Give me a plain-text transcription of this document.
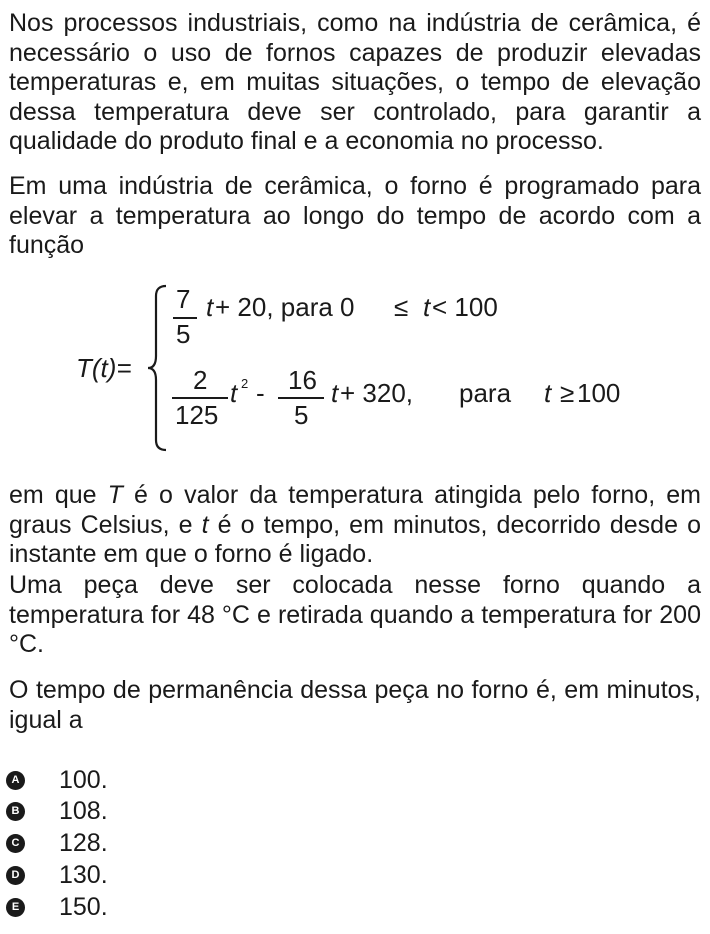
Nos processos industriais, como na indústria de cerâmica, é necessário o uso de fornos capazes de produzir elevadas temperaturas e, em muitas situações, o tempo de elevação dessa temperatura deve ser controlado, para garantir a qualidade do produto final e a economia no processo.
Em uma indústria de cerâmica, o forno é programado para elevar a temperatura ao longo do tempo de acordo com a função
T(t)=
7
5
t + 20, para 0 ≤ t < 100
2
125
t 2 - 16
5
t + 320, para t ≥ 100
em que T é o valor da temperatura atingida pelo forno, em graus Celsius, e t é o tempo, em minutos, decorrido desde o instante em que o forno é ligado.
Uma peça deve ser colocada nesse forno quando a temperatura for 48 °C e retirada quando a temperatura for 200 °C.
O tempo de permanência dessa peça no forno é, em minutos, igual a
A 100.
B 108.
C 128.
D 130.
E 150.
